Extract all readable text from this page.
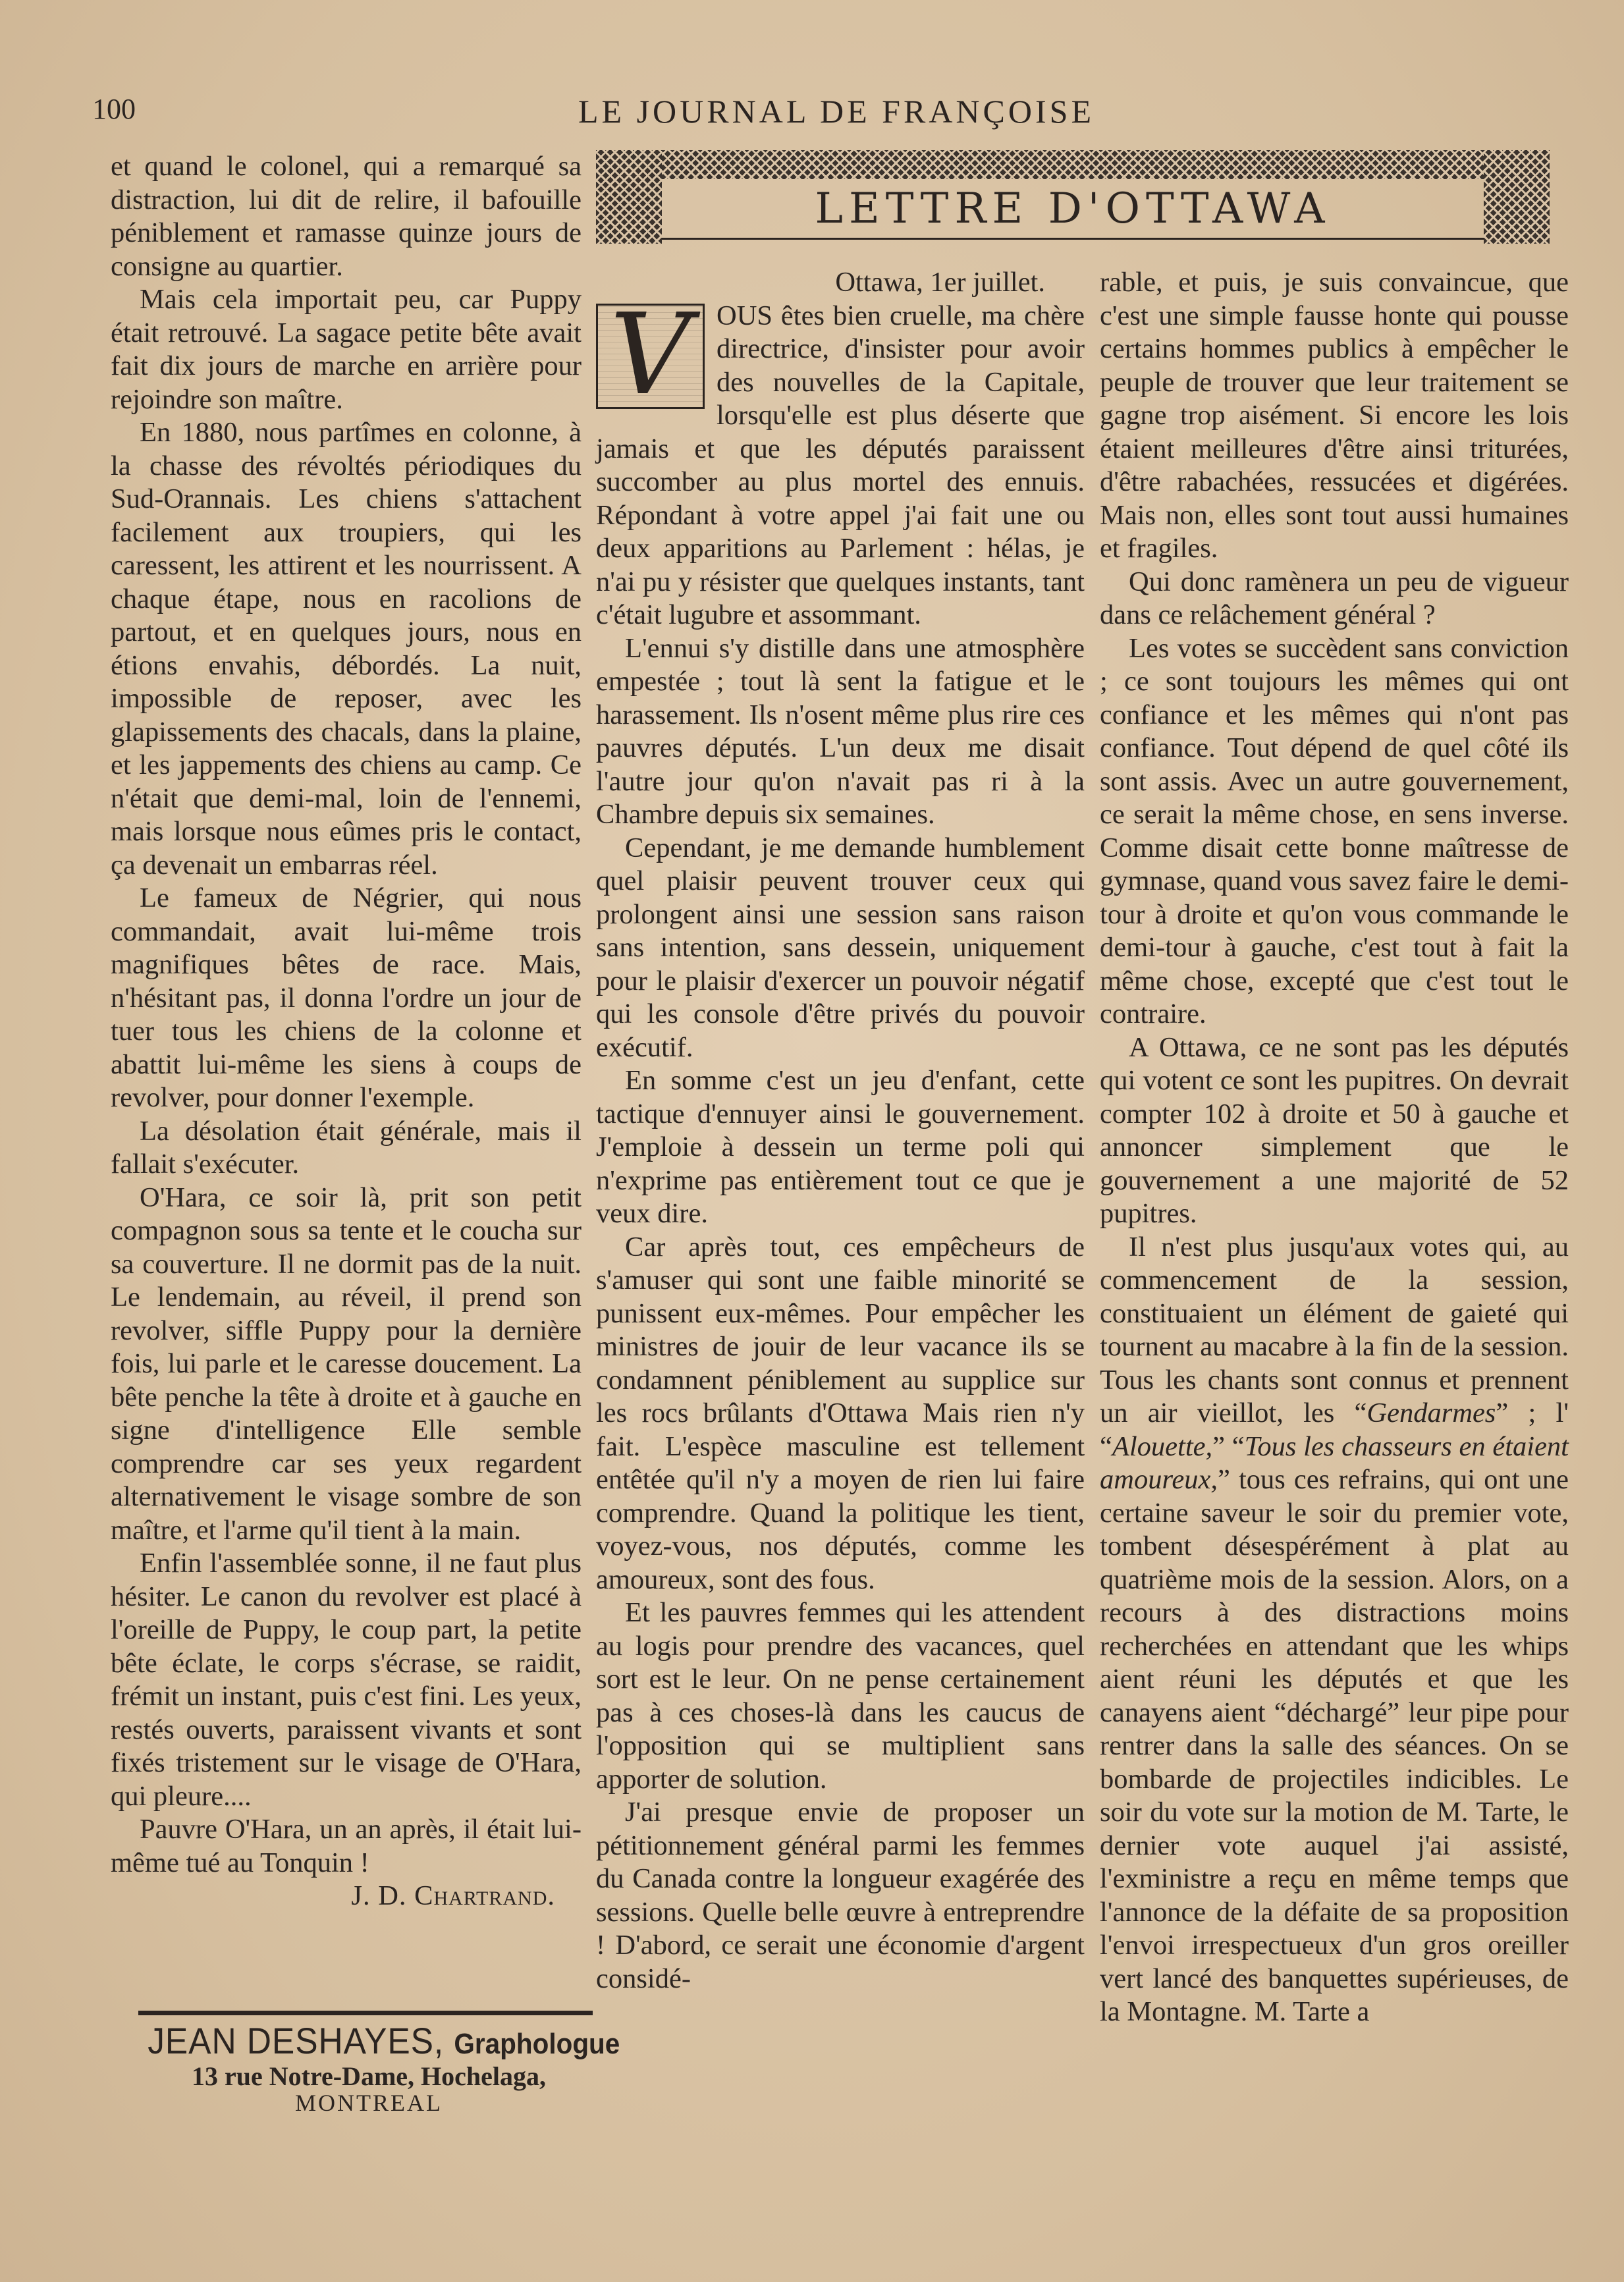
100	LE JOURNAL DE FRANÇOISE

et quand le colonel, qui a remarqué sa distraction, lui dit de relire, il bafouille péniblement et ramasse quinze jours de consigne au quartier.

Mais cela importait peu, car Puppy était retrouvé. La sagace petite bête avait fait dix jours de marche en arrière pour rejoindre son maître.

En 1880, nous partîmes en colonne, à la chasse des révoltés périodiques du Sud-Orannais. Les chiens s'attachent facilement aux troupiers, qui les caressent, les attirent et les nourrissent. A chaque étape, nous en racolions de partout, et en quelques jours, nous en étions envahis, débordés. La nuit, impossible de reposer, avec les glapissements des chacals, dans la plaine, et les jappements des chiens au camp. Ce n'était que demi-mal, loin de l'ennemi, mais lorsque nous eûmes pris le contact, ça devenait un embarras réel.

Le fameux de Négrier, qui nous commandait, avait lui-même trois magnifiques bêtes de race. Mais, n'hésitant pas, il donna l'ordre un jour de tuer tous les chiens de la colonne et abattit lui-même les siens à coups de revolver, pour donner l'exemple.

La désolation était générale, mais il fallait s'exécuter.

O'Hara, ce soir là, prit son petit compagnon sous sa tente et le coucha sur sa couverture. Il ne dormit pas de la nuit. Le lendemain, au réveil, il prend son revolver, siffle Puppy pour la dernière fois, lui parle et le caresse doucement. La bête penche la tête à droite et à gauche en signe d'intelligence Elle semble comprendre car ses yeux regardent alternativement le visage sombre de son maître, et l'arme qu'il tient à la main.

Enfin l'assemblée sonne, il ne faut plus hésiter. Le canon du revolver est placé à l'oreille de Puppy, le coup part, la petite bête éclate, le corps s'écrase, se raidit, frémit un instant, puis c'est fini. Les yeux, restés ouverts, paraissent vivants et sont fixés tristement sur le visage de O'Hara, qui pleure....

Pauvre O'Hara, un an après, il était lui-même tué au Tonquin !

J. D. Chartrand.

JEAN DESHAYES, Graphologue
13 rue Notre-Dame, Hochelaga,
MONTREAL
LETTRE D'OTTAWA

Ottawa, 1er juillet.

V OUS êtes bien cruelle, ma chère directrice, d'insister pour avoir des nouvelles de la Capitale, lorsqu'elle est plus déserte que jamais et que les députés paraissent succomber au plus mortel des ennuis. Répondant à votre appel j'ai fait une ou deux apparitions au Parlement : hélas, je n'ai pu y résister que quelques instants, tant c'était lugubre et assommant.

L'ennui s'y distille dans une atmosphère empestée ; tout là sent la fatigue et le harassement. Ils n'osent même plus rire ces pauvres députés. L'un deux me disait l'autre jour qu'on n'avait pas ri à la Chambre depuis six semaines.

Cependant, je me demande humblement quel plaisir peuvent trouver ceux qui prolongent ainsi une session sans raison sans intention, sans dessein, uniquement pour le plaisir d'exercer un pouvoir négatif qui les console d'être privés du pouvoir exécutif.

En somme c'est un jeu d'enfant, cette tactique d'ennuyer ainsi le gouvernement. J'emploie à dessein un terme poli qui n'exprime pas entièrement tout ce que je veux dire.

Car après tout, ces empêcheurs de s'amuser qui sont une faible minorité se punissent eux-mêmes. Pour empêcher les ministres de jouir de leur vacance ils se condamnent péniblement au supplice sur les rocs brûlants d'Ottawa Mais rien n'y fait. L'espèce masculine est tellement entêtée qu'il n'y a moyen de rien lui faire comprendre. Quand la politique les tient, voyez-vous, nos députés, comme les amoureux, sont des fous.

Et les pauvres femmes qui les attendent au logis pour prendre des vacances, quel sort est le leur. On ne pense certainement pas à ces choses-là dans les caucus de l'opposition qui se multiplient sans apporter de solution.

J'ai presque envie de proposer un pétitionnement général parmi les femmes du Canada contre la longueur exagérée des sessions. Quelle belle œuvre à entreprendre ! D'abord, ce serait une économie d'argent considé-

rable, et puis, je suis convaincue, que c'est une simple fausse honte qui pousse certains hommes publics à empêcher le peuple de trouver que leur traitement se gagne trop aisément. Si encore les lois étaient meilleures d'être ainsi triturées, d'être rabachées, ressucées et digérées. Mais non, elles sont tout aussi humaines et fragiles.

Qui donc ramènera un peu de vigueur dans ce relâchement général ?

Les votes se succèdent sans conviction ; ce sont toujours les mêmes qui ont confiance et les mêmes qui n'ont pas confiance. Tout dépend de quel côté ils sont assis. Avec un autre gouvernement, ce serait la même chose, en sens inverse. Comme disait cette bonne maîtresse de gymnase, quand vous savez faire le demi-tour à droite et qu'on vous commande le demi-tour à gauche, c'est tout à fait la même chose, excepté que c'est tout le contraire.

A Ottawa, ce ne sont pas les députés qui votent ce sont les pupitres. On devrait compter 102 à droite et 50 à gauche et annoncer simplement que le gouvernement a une majorité de 52 pupitres.

Il n'est plus jusqu'aux votes qui, au commencement de la session, constituaient un élément de gaieté qui tournent au macabre à la fin de la session. Tous les chants sont connus et prennent un air vieillot, les “Gendarmes” ; l' “Alouette,” “Tous les chasseurs en étaient amoureux,” tous ces refrains, qui ont une certaine saveur le soir du premier vote, tombent désespérément à plat au quatrième mois de la session. Alors, on a recours à des distractions moins recherchées en attendant que les whips aient réuni les députés et que les canayens aient “déchargé” leur pipe pour rentrer dans la salle des séances. On se bombarde de projectiles indicibles. Le soir du vote sur la motion de M. Tarte, le dernier vote auquel j'ai assisté, l'exministre a reçu en même temps que l'annonce de la défaite de sa proposition l'envoi irrespectueux d'un gros oreiller vert lancé des banquettes supérieuses, de la Montagne. M. Tarte a
